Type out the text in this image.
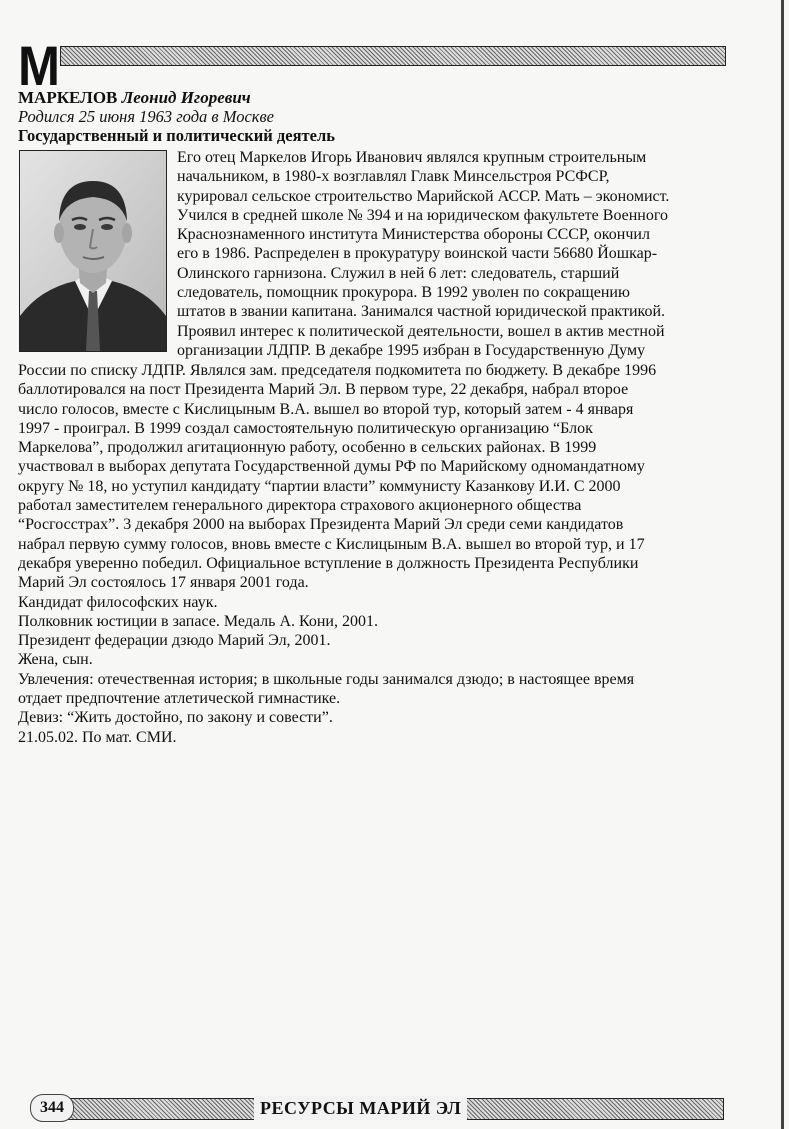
М
МАРКЕЛОВ Леонид Игоревич
Родился 25 июня 1963 года в Москве
Государственный и политический деятель
Его отец Маркелов Игорь Иванович являлся крупным строительным
начальником, в 1980-х возглавлял Главк Минсельстроя РСФСР,
курировал сельское строительство Марийской АССР. Мать – экономист.
Учился в средней школе № 394 и на юридическом факультете Военного
Краснознаменного института Министерства обороны СССР, окончил
его в 1986. Распределен в прокуратуру воинской части 56680 Йошкар-
Олинского гарнизона. Служил в ней 6 лет: следователь, старший
следователь, помощник прокурора. В 1992 уволен по сокращению
штатов в звании капитана. Занимался частной юридической практикой.
Проявил интерес к политической деятельности, вошел в актив местной
организации ЛДПР. В декабре 1995 избран в Государственную Думу
России по списку ЛДПР. Являлся зам. председателя подкомитета по бюджету. В декабре 1996
баллотировался на пост Президента Марий Эл. В первом туре, 22 декабря, набрал второе
число голосов, вместе с Кислицыным В.А. вышел во второй тур, который затем - 4 января
1997 - проиграл. В 1999 создал самостоятельную политическую организацию “Блок
Маркелова”, продолжил агитационную работу, особенно в сельских районах. В 1999
участвовал в выборах депутата Государственной думы РФ по Марийскому одномандатному
округу № 18, но уступил кандидату “партии власти” коммунисту Казанкову И.И. С 2000
работал заместителем генерального директора страхового акционерного общества
“Росгосстрах”. 3 декабря 2000 на выборах Президента Марий Эл среди семи кандидатов
набрал первую сумму голосов, вновь вместе с Кислицыным В.А. вышел во второй тур, и 17
декабря уверенно победил. Официальное вступление в должность Президента Республики
Марий Эл состоялось 17 января 2001 года.
Кандидат философских наук.
Полковник юстиции в запасе. Медаль А. Кони, 2001.
Президент федерации дзюдо Марий Эл, 2001.
Жена, сын.
Увлечения: отечественная история; в школьные годы занимался дзюдо; в настоящее время
отдает предпочтение атлетической гимнастике.
Девиз: “Жить достойно, по закону и совести”.
21.05.02. По мат. СМИ.
344	РЕСУРСЫ МАРИЙ ЭЛ
